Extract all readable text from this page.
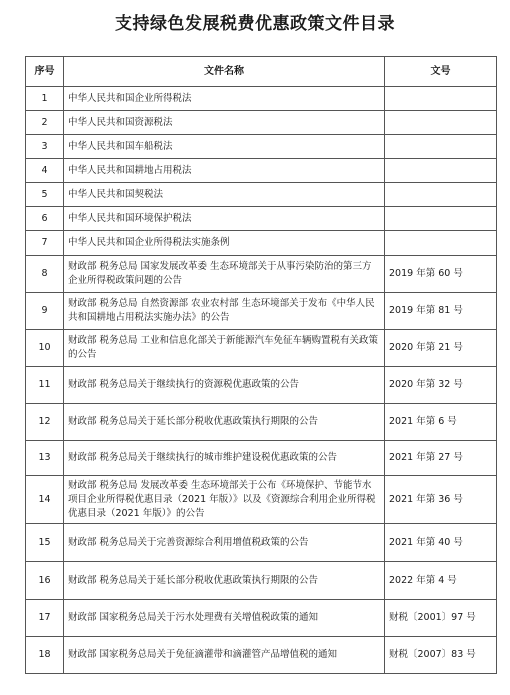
支持绿色发展税费优惠政策文件目录
序号	文件名称	文号
1	中华人民共和国企业所得税法	
2	中华人民共和国资源税法	
3	中华人民共和国车船税法	
4	中华人民共和国耕地占用税法	
5	中华人民共和国契税法	
6	中华人民共和国环境保护税法	
7	中华人民共和国企业所得税法实施条例	
8	财政部 税务总局 国家发展改革委 生态环境部关于从事污染防治的第三方企业所得税政策问题的公告	2019 年第 60 号
9	财政部 税务总局 自然资源部 农业农村部 生态环境部关于发布《中华人民共和国耕地占用税法实施办法》的公告	2019 年第 81 号
10	财政部 税务总局 工业和信息化部关于新能源汽车免征车辆购置税有关政策的公告	2020 年第 21 号
11	财政部 税务总局关于继续执行的资源税优惠政策的公告	2020 年第 32 号
12	财政部 税务总局关于延长部分税收优惠政策执行期限的公告	2021 年第 6 号
13	财政部 税务总局关于继续执行的城市维护建设税优惠政策的公告	2021 年第 27 号
14	财政部 税务总局 发展改革委 生态环境部关于公布《环境保护、节能节水项目企业所得税优惠目录（2021 年版）》以及《资源综合利用企业所得税优惠目录（2021 年版）》的公告	2021 年第 36 号
15	财政部 税务总局关于完善资源综合利用增值税政策的公告	2021 年第 40 号
16	财政部 税务总局关于延长部分税收优惠政策执行期限的公告	2022 年第 4 号
17	财政部 国家税务总局关于污水处理费有关增值税政策的通知	财税〔2001〕97 号
18	财政部 国家税务总局关于免征滴灌带和滴灌管产品增值税的通知	财税〔2007〕83 号
